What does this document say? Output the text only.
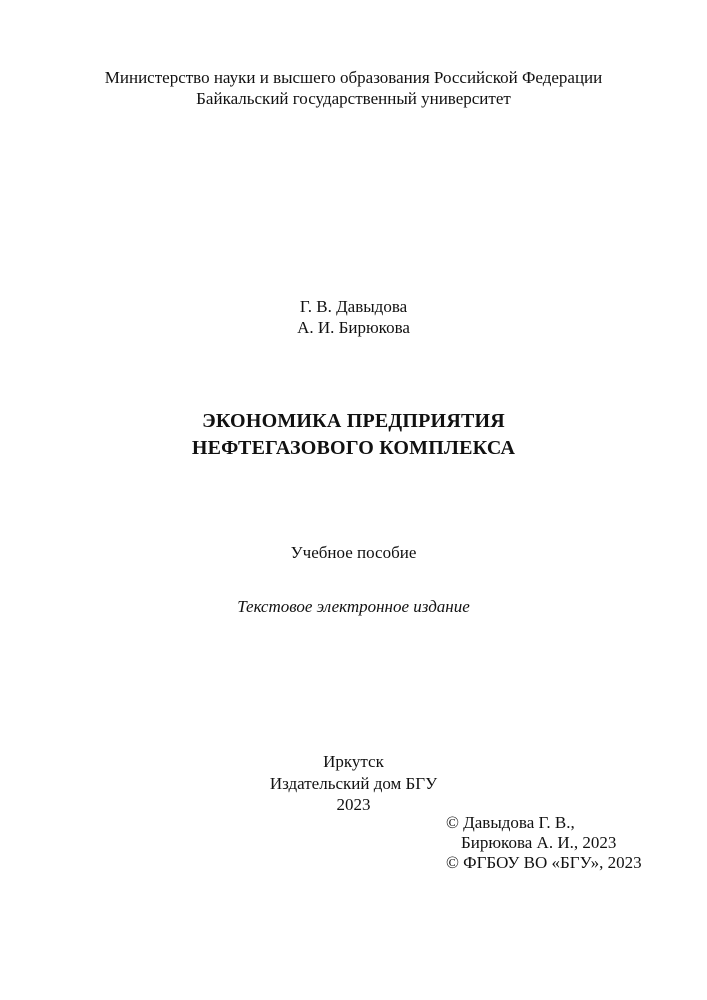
Министерство науки и высшего образования Российской Федерации
Байкальский государственный университет
Г. В. Давыдова
А. И. Бирюкова
ЭКОНОМИКА ПРЕДПРИЯТИЯ
НЕФТЕГАЗОВОГО КОМПЛЕКСА
Учебное пособие
Текстовое электронное издание
Иркутск
Издательский дом БГУ
2023
© Давыдова Г. В.,
Бирюкова А. И., 2023
© ФГБОУ ВО «БГУ», 2023
